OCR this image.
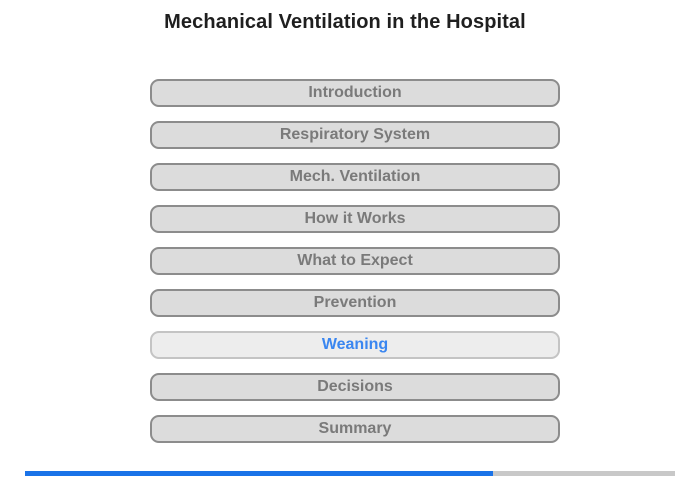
Mechanical Ventilation in the Hospital
Introduction
Respiratory System
Mech. Ventilation
How it Works
What to Expect
Prevention
Weaning
Decisions
Summary
